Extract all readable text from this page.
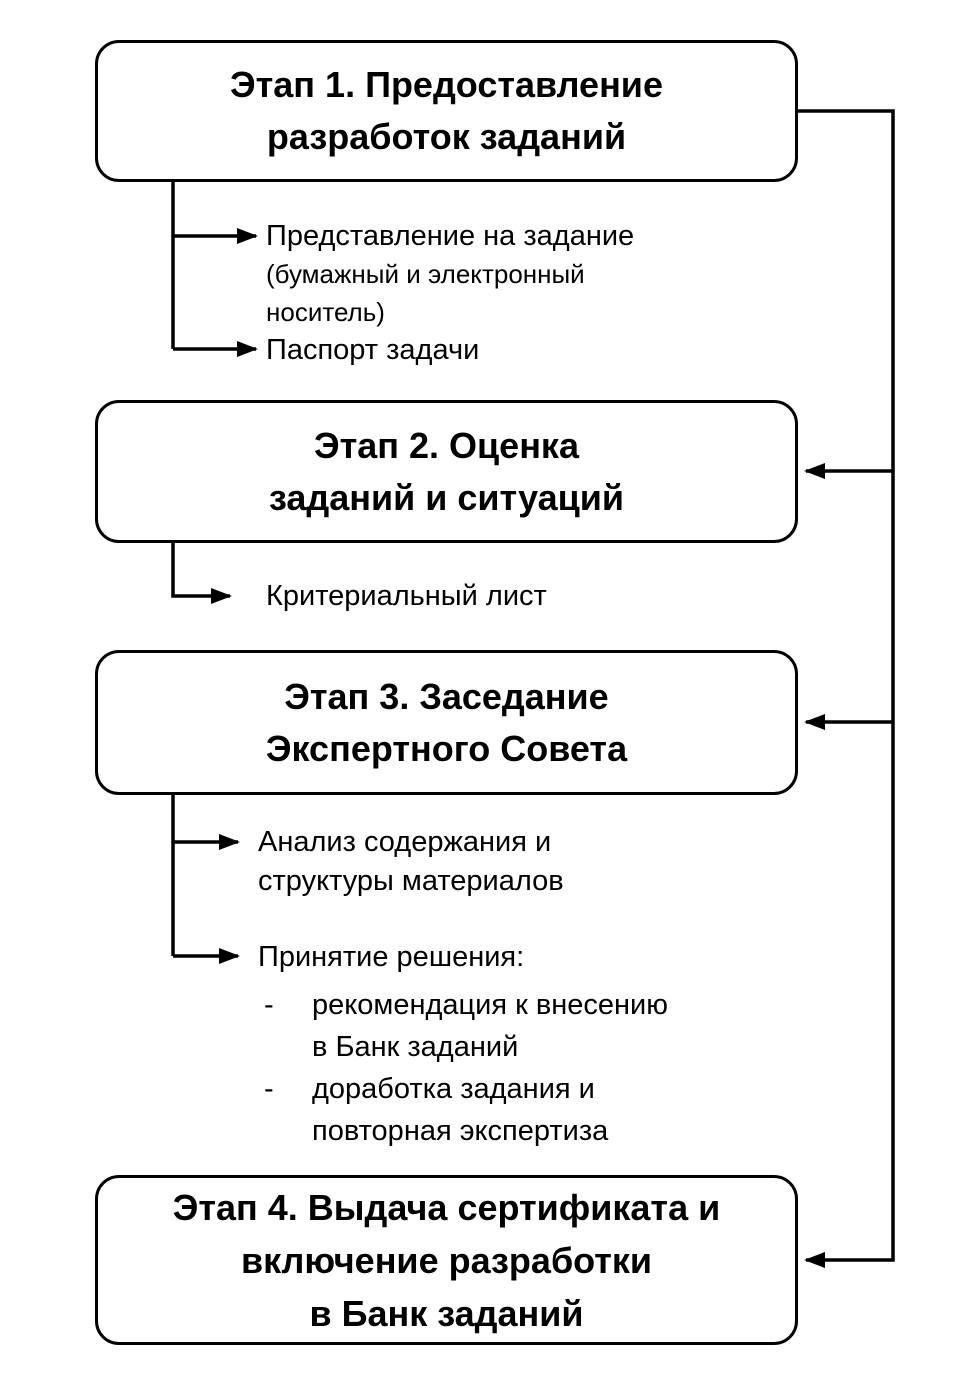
Этап 1. Предоставление
разработок заданий
Этап 2. Оценка
заданий и ситуаций
Этап 3. Заседание
Экспертного Совета
Этап 4. Выдача сертификата и
включение разработки
в Банк заданий
Представление на задание
(бумажный и электронный
носитель)
Паспорт задачи
Критериальный лист
Анализ содержания и
структуры материалов
Принятие решения:
-	рекомендация к внесению
в Банк заданий
-	доработка задания и
повторная экспертиза
